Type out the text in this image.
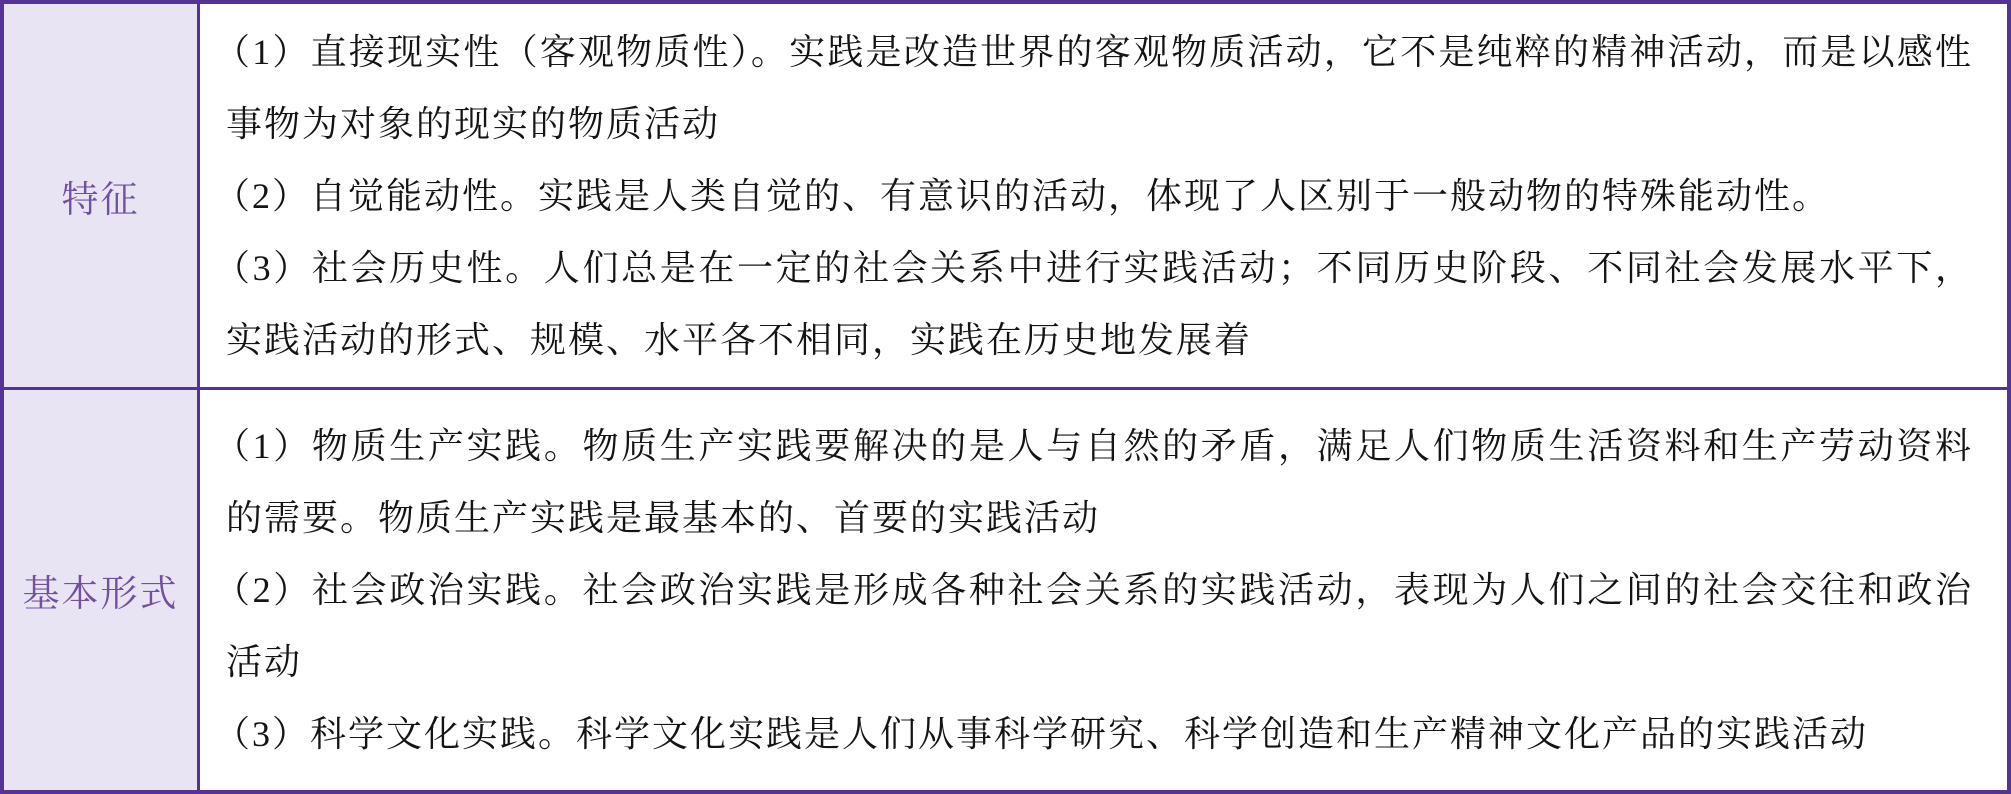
特征
（1）直接现实性（客观物质性）。实践是改造世界的客观物质活动，它不是纯粹的精神活动，而是以感性事物为对象的现实的物质活动
（2）自觉能动性。实践是人类自觉的、有意识的活动，体现了人区别于一般动物的特殊能动性。
（3）社会历史性。人们总是在一定的社会关系中进行实践活动；不同历史阶段、不同社会发展水平下，实践活动的形式、规模、水平各不相同，实践在历史地发展着
基本形式
（1）物质生产实践。物质生产实践要解决的是人与自然的矛盾，满足人们物质生活资料和生产劳动资料的需要。物质生产实践是最基本的、首要的实践活动
（2）社会政治实践。社会政治实践是形成各种社会关系的实践活动，表现为人们之间的社会交往和政治活动
（3）科学文化实践。科学文化实践是人们从事科学研究、科学创造和生产精神文化产品的实践活动
